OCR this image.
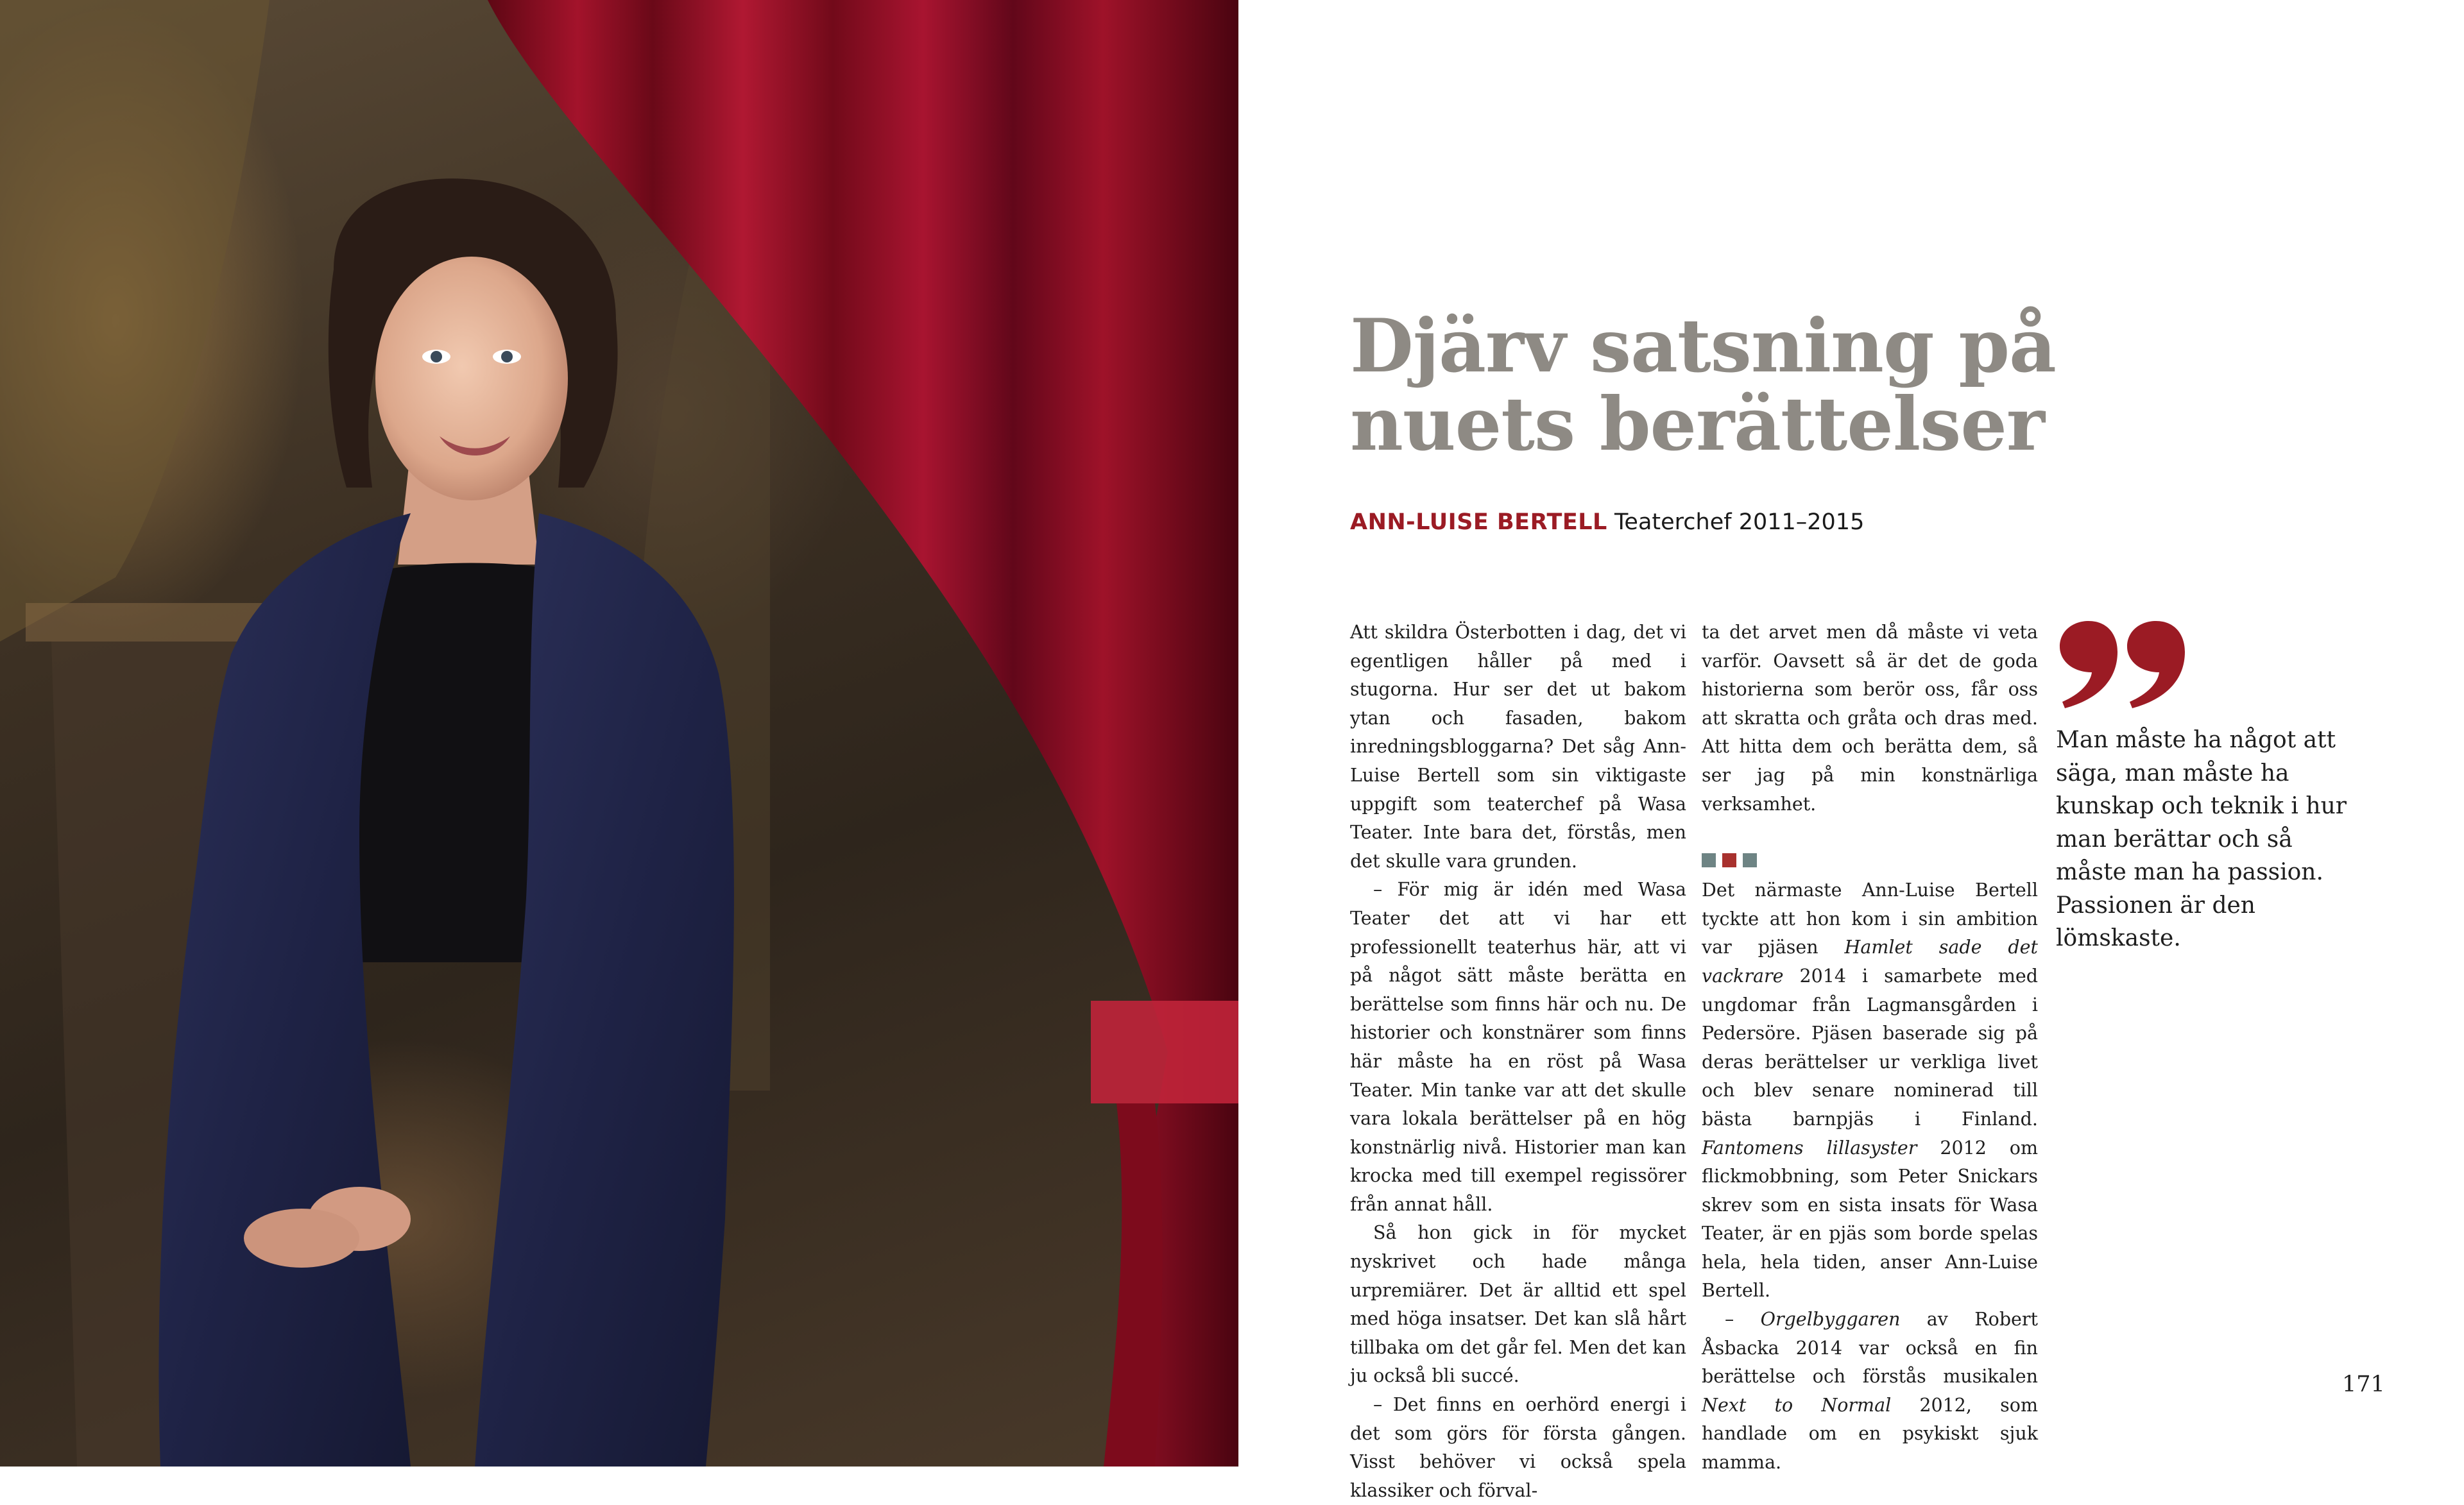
Djärv satsning på
nuets berättelser
ANN-LUISE BERTELL Teaterchef 2011–2015

Att skildra Österbotten i dag, det vi egentligen håller på med i stugorna. Hur ser det ut bakom ytan och fasaden, bakom inredningsbloggarna? Det såg Ann-Luise Bertell som sin viktigaste uppgift som teaterchef på Wasa Teater. Inte bara det, förstås, men det skulle vara grunden.

– För mig är idén med Wasa Teater det att vi har ett professionellt teaterhus här, att vi på något sätt måste berätta en berättelse som finns här och nu. De historier och konstnärer som finns här måste ha en röst på Wasa Teater. Min tanke var att det skulle vara lokala berättelser på en hög konstnärlig nivå. Historier man kan krocka med till exempel regissörer från annat håll.

Så hon gick in för mycket nyskrivet och hade många urpremiärer. Det är alltid ett spel med höga insatser. Det kan slå hårt tillbaka om det går fel. Men det kan ju också bli succé.

– Det finns en oerhörd energi i det som görs för första gången. Visst behöver vi också spela klassiker och förval-

ta det arvet men då måste vi veta varför. Oavsett så är det de goda historierna som berör oss, får oss att skratta och gråta och dras med. Att hitta dem och berätta dem, så ser jag på min konstnärliga verksamhet.

Det närmaste Ann-Luise Bertell tyckte att hon kom i sin ambition var pjäsen Hamlet sade det vackrare 2014 i samarbete med ungdomar från Lagmansgården i Pedersöre. Pjäsen baserade sig på deras berättelser ur verkliga livet och blev senare nominerad till bästa barnpjäs i Finland. Fantomens lillasyster 2012 om flickmobbning, som Peter Snickars skrev som en sista insats för Wasa Teater, är en pjäs som borde spelas hela, hela tiden, anser Ann-Luise Bertell.

– Orgelbyggaren av Robert Åsbacka 2014 var också en fin berättelse och förstås musikalen Next to Normal 2012, som handlade om en psykiskt sjuk mamma.

Man måste ha något att säga, man måste ha kunskap och teknik i hur man berättar och så måste man ha passion. Passionen är den lömskaste.

171
